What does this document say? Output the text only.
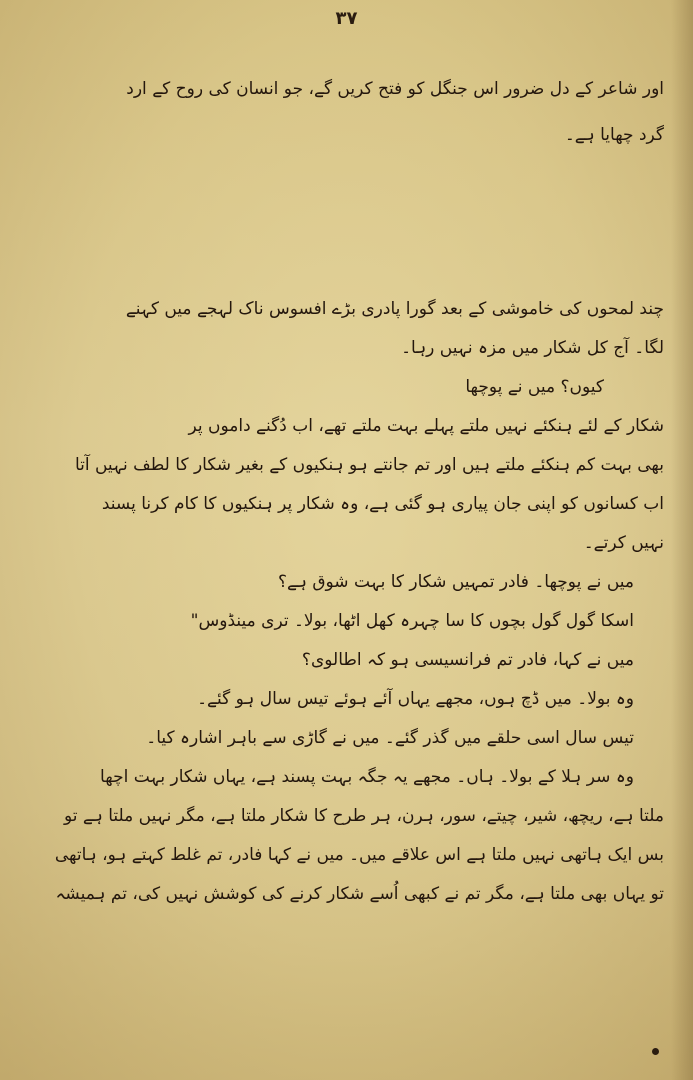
۳۷
اور شاعر کے دل ضرور اس جنگل کو فتح کریں گے، جو انسان کی روح کے ارد
گرد چھایا ہے۔
چند لمحوں کی خاموشی کے بعد گورا پادری بڑے افسوس ناک لہجے میں کہنے
لگا۔ آج کل شکار میں مزہ نہیں رہا۔
کیوں؟ میں نے پوچھا
شکار کے لئے ہنکئے نہیں ملتے پہلے بہت ملتے تھے، اب دُگنے داموں پر
بھی بہت کم ہنکئے ملتے ہیں اور تم جانتے ہو ہنکیوں کے بغیر شکار کا لطف نہیں آتا
اب کسانوں کو اپنی جان پیاری ہو گئی ہے، وہ شکار پر ہنکیوں کا کام کرنا پسند
نہیں کرتے۔
میں نے پوچھا۔ فادر تمہیں شکار کا بہت شوق ہے؟
اسکا گول گول بچوں کا سا چہرہ کھل اٹھا، بولا۔ تری مینڈوس"
میں نے کہا، فادر تم فرانسیسی ہو کہ اطالوی؟
وہ بولا۔ میں ڈچ ہوں، مجھے یہاں آئے ہوئے تیس سال ہو گئے۔
تیس سال اسی حلقے میں گذر گئے۔ میں نے گاڑی سے باہر اشارہ کیا۔
وہ سر ہلا کے بولا۔ ہاں۔ مجھے یہ جگہ بہت پسند ہے، یہاں شکار بہت اچھا
ملتا ہے، ریچھ، شیر، چیتے، سور، ہرن، ہر طرح کا شکار ملتا ہے، مگر نہیں ملتا ہے تو
بس ایک ہاتھی نہیں ملتا ہے اس علاقے میں۔ میں نے کہا فادر، تم غلط کہتے ہو، ہاتھی
تو یہاں بھی ملتا ہے، مگر تم نے کبھی اُسے شکار کرنے کی کوشش نہیں کی، تم ہمیشہ
